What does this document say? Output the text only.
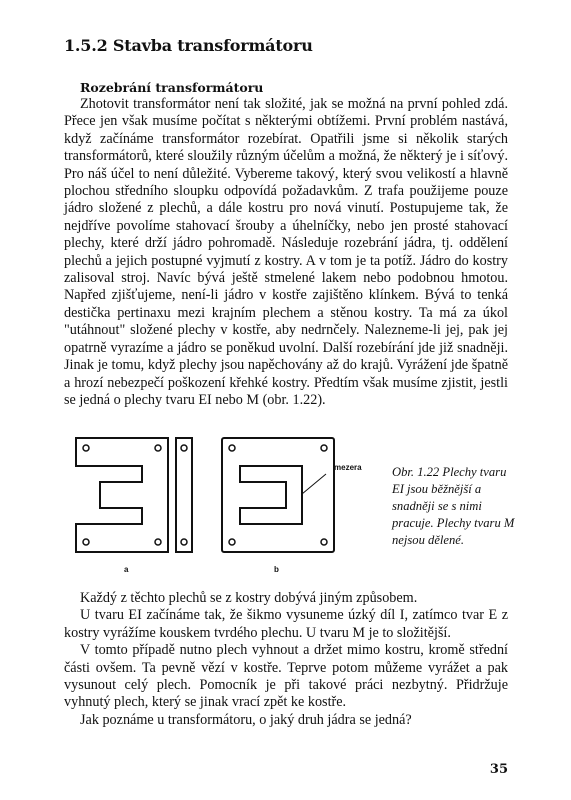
1.5.2 Stavba transformátoru
Rozebrání transformátoru

Zhotovit transformátor není tak složité, jak se možná na první pohled zdá. Přece jen však musíme počítat s některými obtížemi. První problém nastává, když začínáme transformátor rozebírat. Opatřili jsme si několik starých transformátorů, které sloužily různým účelům a možná, že některý je i síťový. Pro náš účel to není důležité. Vybereme takový, který svou velikostí a hlavně plochou středního sloupku odpovídá požadavkům. Z trafa použijeme pouze jádro složené z plechů, a dále kostru pro nová vinutí. Postupujeme tak, že nejdříve povolíme stahovací šrouby a úhelníčky, nebo jen prosté stahovací plechy, které drží jádro pohromadě. Následuje rozebrání jádra, tj. oddělení plechů a jejich postupné vyjmutí z kostry. A v tom je ta potíž. Jádro do kostry zalisoval stroj. Navíc bývá ještě stmelené lakem nebo podobnou hmotou. Napřed zjišťujeme, není-li jádro v kostře zajištěno klínkem. Bývá to tenká destička pertinaxu mezi krajním plechem a stěnou kostry. Ta má za úkol "utáhnout" složené plechy v kostře, aby nedrnčely. Nalezneme-li jej, pak jej opatrně vyrazíme a jádro se poněkud uvolní. Další rozebírání jde již snadněji. Jinak je tomu, když plechy jsou napěchovány až do krajů. Vyrážení jde špatně a hrozí nebezpečí poškození křehké kostry. Předtím však musíme zjistit, jestli se jedná o plechy tvaru EI nebo M (obr. 1.22).

mezera
a	b

Obr. 1.22 Plechy tvaru EI jsou běžnější a snadněji se s nimi pracuje. Plechy tvaru M nejsou dělené.

Každý z těchto plechů se z kostry dobývá jiným způsobem.

U tvaru EI začínáme tak, že šikmo vysuneme úzký díl I, zatímco tvar E z kostry vyrážíme kouskem tvrdého plechu. U tvaru M je to složitější.

V tomto případě nutno plech vyhnout a držet mimo kostru, kromě střední části ovšem. Ta pevně vězí v kostře. Teprve potom můžeme vyrážet a pak vysunout celý plech. Pomocník je při takové práci nezbytný. Přidržuje vyhnutý plech, který se jinak vrací zpět ke kostře.

Jak poznáme u transformátoru, o jaký druh jádra se jedná?

35
